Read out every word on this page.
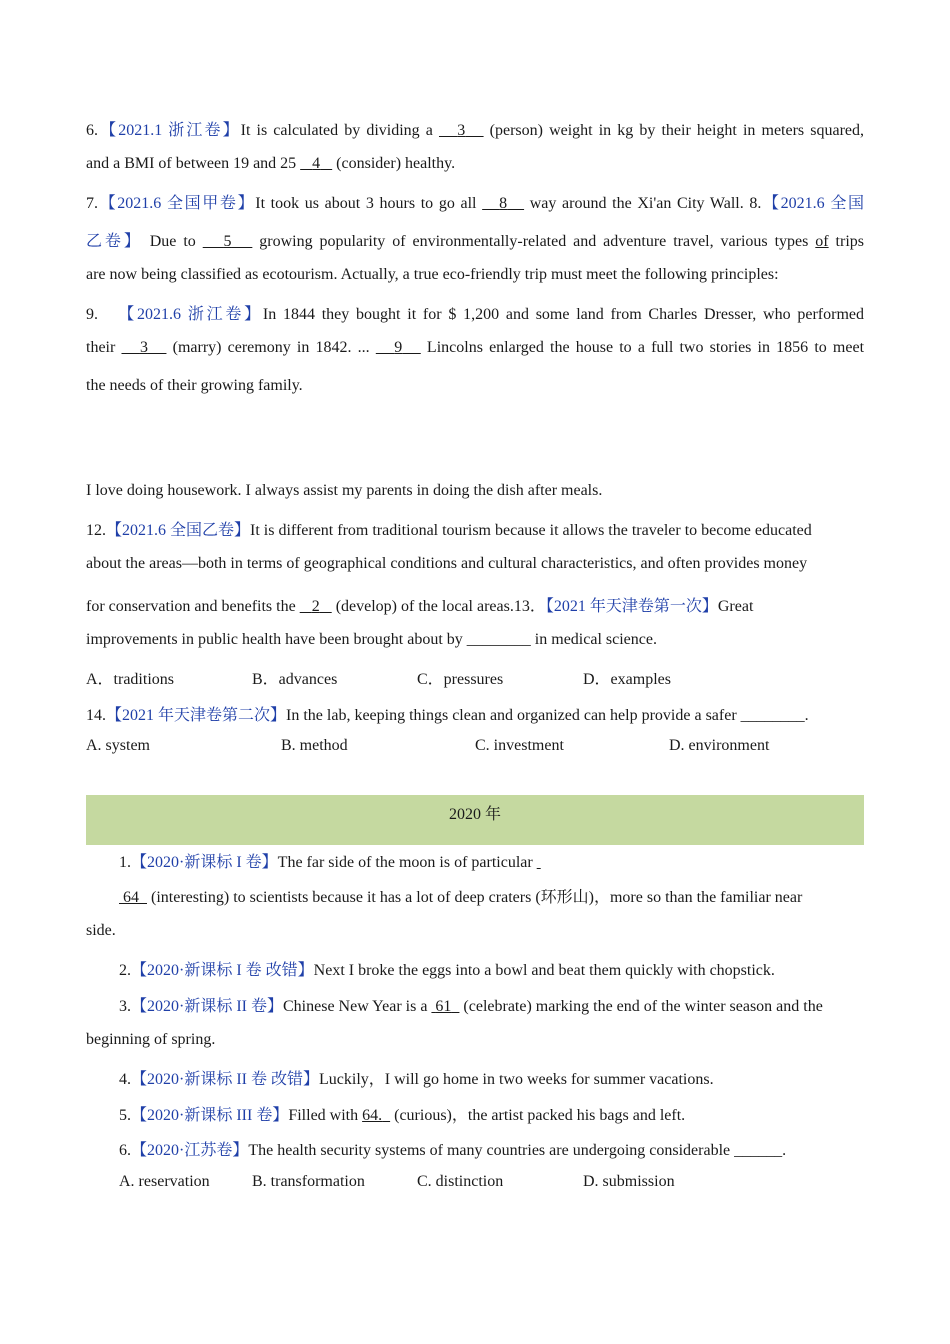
6.【2021.1 浙江卷】It is calculated by dividing a    3    (person) weight in kg by their height in meters squared,
and a BMI of between 19 and 25    4    (consider) healthy.
7.【2021.6 全国甲卷】It took us about 3 hours to go all    8    way around the Xi'an City Wall. 8.【2021.6 全国
乙卷】 Due to    5    growing popularity of environmentally-related and adventure travel, various types of trips
are now being classified as ecotourism. Actually, a true eco-friendly trip must meet the following principles:
9. 【2021.6 浙江卷】In 1844 they bought it for $ 1,200 and some land from Charles Dresser, who performed
their    3    (marry) ceremony in 1842. ...    9    Lincolns enlarged the house to a full two stories in 1856 to meet
the needs of their growing family.
I love doing housework. I always assist my parents in doing the dish after meals.
12.【2021.6 全国乙卷】It is different from traditional tourism because it allows the traveler to become educated
about the areas—both in terms of geographical conditions and cultural characteristics, and often provides money
for conservation and benefits the    2    (develop) of the local areas.13．【2021 年天津卷第一次】Great
improvements in public health have been brought about by ________ in medical science.
A．traditions	B．advances	C．pressures	D．examples
14.【2021 年天津卷第二次】In the lab, keeping things clean and organized can help provide a safer ________.
A. system	B. method	C. investment	D. environment
2020 年
1.【2020·新课标 I 卷】The far side of the moon is of particular
64   (interesting) to scientists because it has a lot of deep craters (环形山)，more so than the familiar near
side.
2.【2020·新课标 I 卷 改错】Next I broke the eggs into a bowl and beat them quickly with chopstick.
3.【2020·新课标 II 卷】Chinese New Year is a  61   (celebrate) marking the end of the winter season and the
beginning of spring.
4.【2020·新课标 II 卷 改错】Luckily，I will go home in two weeks for summer vacations.
5.【2020·新课标 III 卷】Filled with 64.   (curious)，the artist packed his bags and left.
6.【2020·江苏卷】The health security systems of many countries are undergoing considerable ______.
A. reservation	B. transformation	C. distinction	D. submission
